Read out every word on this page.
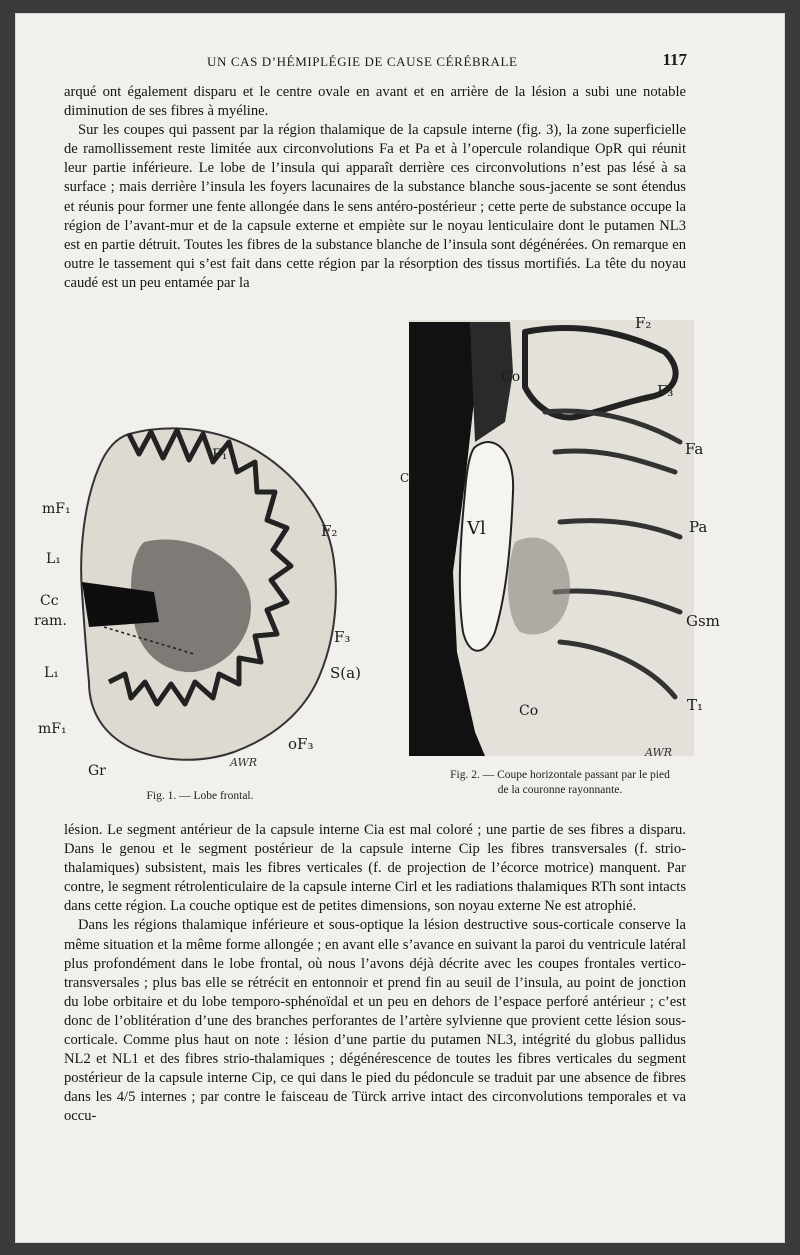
UN CAS D’HÉMIPLÉGIE DE CAUSE CÉRÉBRALE	117

arqué ont également disparu et le centre ovale en avant et en arrière de la lésion a subi une notable diminution de ses fibres à myéline.

Sur les coupes qui passent par la région thalamique de la capsule interne (fig. 3), la zone superficielle de ramollissement reste limitée aux circonvolutions Fa et Pa et à l’opercule rolandique OpR qui réunit leur partie inférieure. Le lobe de l’insula qui apparaît derrière ces circonvolutions n’est pas lésé à sa surface ; mais derrière l’insula les foyers lacunaires de la substance blanche sous-jacente se sont étendus et réunis pour former une fente allongée dans le sens antéro-postérieur ; cette perte de substance occupe la région de l’avant-mur et de la capsule externe et empiète sur le noyau lenticulaire dont le putamen NL3 est en partie détruit. Toutes les fibres de la substance blanche de l’insula sont dégénérées. On remarque en outre le tassement qui s’est fait dans cette région par la résorption des tissus mortifiés. La tête du noyau caudé est un peu entamée par la

F₁
mF₁
L₁
F₂
Cc
ram.
F₃
L₁	S(a)
mF₁
oF₃
Gr
AWR
Fig. 1. — Lobe frontal.
F₂
Co
F₃
Fa
Cc
Vl	Pa
Gsm
Co	T₁
AWR
Fig. 2. — Coupe horizontale passant par le pied
de la couronne rayonnante.

lésion. Le segment antérieur de la capsule interne Cia est mal coloré ; une partie de ses fibres a disparu. Dans le genou et le segment postérieur de la capsule interne Cip les fibres transversales (f. strio-thalamiques) subsistent, mais les fibres verticales (f. de projection de l’écorce motrice) manquent. Par contre, le segment rétrolenticulaire de la capsule interne Cirl et les radiations thalamiques RTh sont intacts dans cette région. La couche optique est de petites dimensions, son noyau externe Ne est atrophié.

Dans les régions thalamique inférieure et sous-optique la lésion destructive sous-corticale conserve la même situation et la même forme allongée ; en avant elle s’avance en suivant la paroi du ventricule latéral plus profondément dans le lobe frontal, où nous l’avons déjà décrite avec les coupes frontales vertico-transversales ; plus bas elle se rétrécit en entonnoir et prend fin au seuil de l’insula, au point de jonction du lobe orbitaire et du lobe temporo-sphénoïdal et un peu en dehors de l’espace perforé antérieur ; c’est donc de l’oblitération d’une des branches perforantes de l’artère sylvienne que provient cette lésion sous-corticale. Comme plus haut on note : lésion d’une partie du putamen NL3, intégrité du globus pallidus NL2 et NL1 et des fibres strio-thalamiques ; dégénérescence de toutes les fibres verticales du segment postérieur de la capsule interne Cip, ce qui dans le pied du pédoncule se traduit par une absence de fibres dans les 4/5 internes ; par contre le faisceau de Türck arrive intact des circonvolutions temporales et va occu-
